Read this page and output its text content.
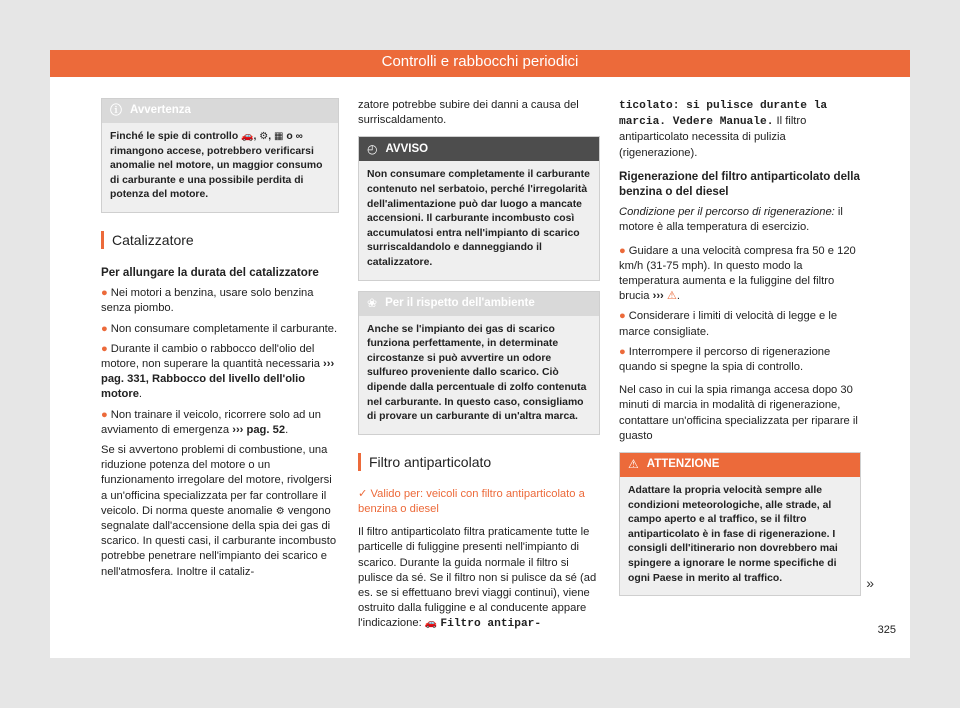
Controlli e rabbocchi periodici
ⓘ Avvertenza
Finché le spie di controllo 🚗, ⚙, ▦ o ∞ rimangono accese, potrebbero verificarsi anomalie nel motore, un maggior consumo di carburante e una possibile perdita di potenza del motore.
Catalizzatore

Per allungare la durata del catalizzatore

● Nei motori a benzina, usare solo benzina senza piombo.

● Non consumare completamente il carburante.

● Durante il cambio o rabbocco dell'olio del motore, non superare la quantità necessaria ››› pag. 331, Rabbocco del livello dell'olio motore.

● Non trainare il veicolo, ricorrere solo ad un avviamento di emergenza ››› pag. 52.

Se si avvertono problemi di combustione, una riduzione potenza del motore o un funzionamento irregolare del motore, rivolgersi a un'officina specializzata per far controllare il veicolo. Di norma queste anomalie ⚙ vengono segnalate dall'accensione della spia dei gas di scarico. In questi casi, il carburante incombusto potrebbe penetrare nell'impianto dei scarico e nell'atmosfera. Inoltre il cataliz-

zatore potrebbe subire dei danni a causa del surriscaldamento.

◴ AVVISO
Non consumare completamente il carburante contenuto nel serbatoio, perché l'irregolarità dell'alimentazione può dar luogo a mancate accensioni. Il carburante incombusto così accumulatosi entra nell'impianto di scarico surriscaldandolo e danneggiando il catalizzatore.
❀ Per il rispetto dell'ambiente
Anche se l'impianto dei gas di scarico funziona perfettamente, in determinate circostanze si può avvertire un odore sulfureo proveniente dallo scarico. Ciò dipende dalla percentuale di zolfo contenuta nel carburante. In questo caso, consigliamo di provare un carburante di un'altra marca.
Filtro antiparticolato

✓ Valido per: veicoli con filtro antiparticolato a benzina o diesel

Il filtro antiparticolato filtra praticamente tutte le particelle di fuliggine presenti nell'impianto di scarico. Durante la guida normale il filtro si pulisce da sé. Se il filtro non si pulisce da sé (ad es. se si effettuano brevi viaggi continui), viene ostruito dalla fuliggine e al conducente appare l'indicazione: 🚗 Filtro antipar-

ticolato: si pulisce durante la marcia. Vedere Manuale. Il filtro antiparticolato necessita di pulizia (rigenerazione).

Rigenerazione del filtro antiparticolato della benzina o del diesel

Condizione per il percorso di rigenerazione: il motore è alla temperatura di esercizio.

● Guidare a una velocità compresa fra 50 e 120 km/h (31-75 mph). In questo modo la temperatura aumenta e la fuliggine del filtro brucia ››› ⚠.

● Considerare i limiti di velocità di legge e le marce consigliate.

● Interrompere il percorso di rigenerazione quando si spegne la spia di controllo.

Nel caso in cui la spia rimanga accesa dopo 30 minuti di marcia in modalità di rigenerazione, contattare un'officina specializzata per riparare il guasto

⚠ ATTENZIONE
Adattare la propria velocità sempre alle condizioni meteorologiche, alle strade, al campo aperto e al traffico, se il filtro antiparticolato è in fase di rigenerazione. I consigli dell'itinerario non dovrebbero mai spingere a ignorare le norme specifiche di ogni Paese in merito al traffico.	»
325
